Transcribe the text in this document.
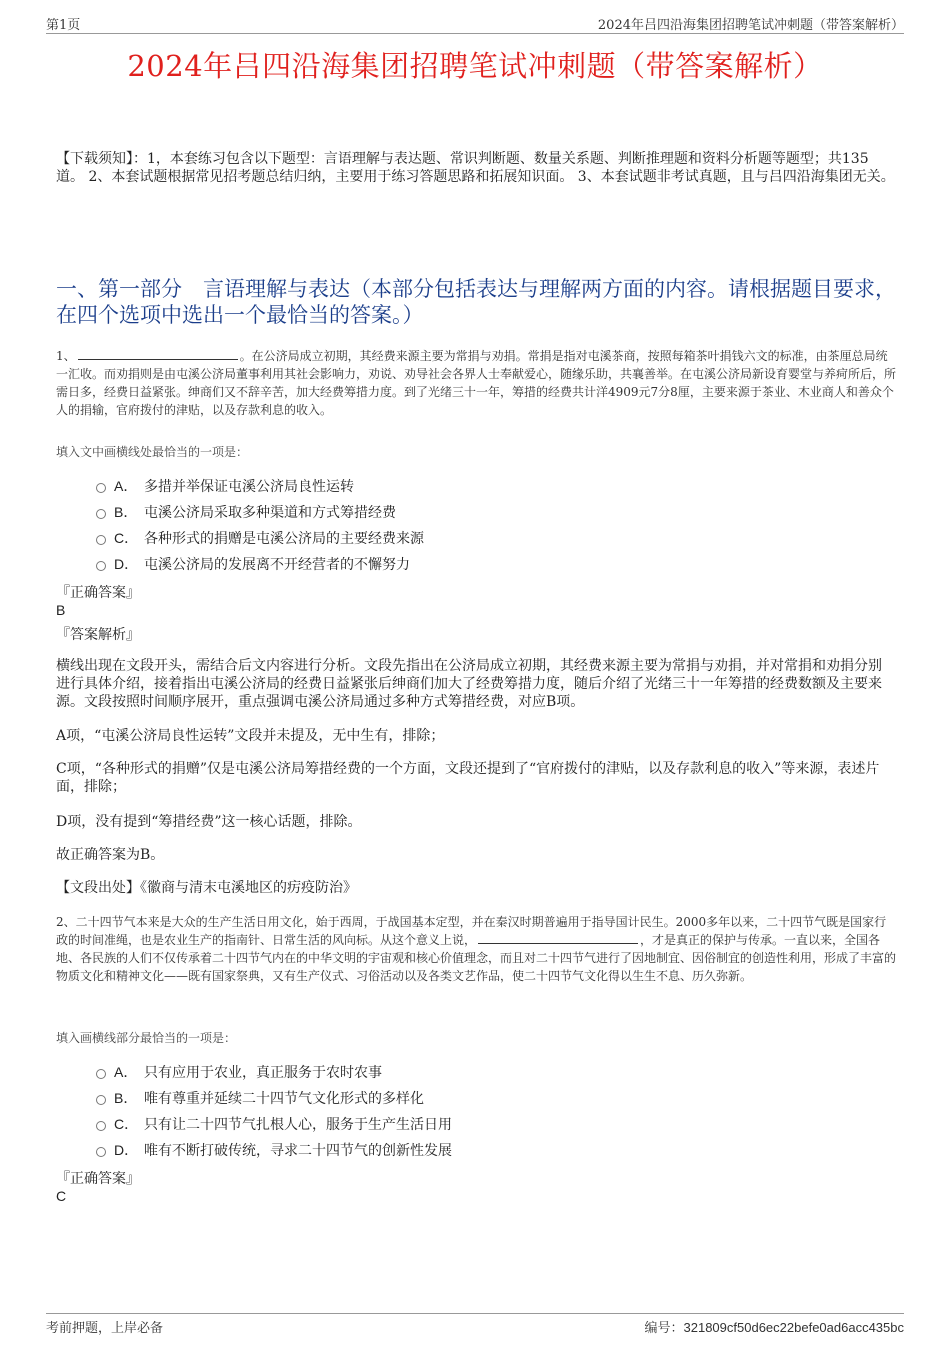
第1页	2024年吕四沿海集团招聘笔试冲刺题（带答案解析）
2024年吕四沿海集团招聘笔试冲刺题（带答案解析）
【下载须知】：1，本套练习包含以下题型：言语理解与表达题、常识判断题、数量关系题、判断推理题和资料分析题等题型；共135道。 2、本套试题根据常见招考题总结归纳，主要用于练习答题思路和拓展知识面。 3、本套试题非考试真题，且与吕四沿海集团无关。
一、第一部分　言语理解与表达（本部分包括表达与理解两方面的内容。请根据题目要求，在四个选项中选出一个最恰当的答案。）
1、	。在公济局成立初期，其经费来源主要为常捐与劝捐。常捐是指对屯溪茶商，按照每箱茶叶捐钱六文的标准，由茶厘总局统一汇收。而劝捐则是由屯溪公济局董事利用其社会影响力，劝说、劝导社会各界人士奉献爱心，随缘乐助，共襄善举。在屯溪公济局新设育婴堂与养疴所后，所需日多，经费日益紧张。绅商们又不辞辛苦，加大经费筹措力度。到了光绪三十一年，筹措的经费共计洋4909元7分8厘，主要来源于茶业、木业商人和善众个人的捐输，官府拨付的津贴，以及存款利息的收入。
填入文中画横线处最恰当的一项是：
A． 多措并举保证屯溪公济局良性运转
B． 屯溪公济局采取多种渠道和方式筹措经费
C． 各种形式的捐赠是屯溪公济局的主要经费来源
D． 屯溪公济局的发展离不开经营者的不懈努力
『正确答案』
B
『答案解析』
横线出现在文段开头，需结合后文内容进行分析。文段先指出在公济局成立初期，其经费来源主要为常捐与劝捐，并对常捐和劝捐分别进行具体介绍，接着指出屯溪公济局的经费日益紧张后绅商们加大了经费筹措力度，随后介绍了光绪三十一年筹措的经费数额及主要来源。文段按照时间顺序展开，重点强调屯溪公济局通过多种方式筹措经费，对应B项。
A项，“屯溪公济局良性运转”文段并未提及，无中生有，排除；
C项，“各种形式的捐赠”仅是屯溪公济局筹措经费的一个方面，文段还提到了“官府拨付的津贴，以及存款利息的收入”等来源，表述片面，排除；
D项，没有提到“筹措经费”这一核心话题，排除。
故正确答案为B。
【文段出处】《徽商与清末屯溪地区的疠疫防治》
2、二十四节气本来是大众的生产生活日用文化，始于西周，于战国基本定型，并在秦汉时期普遍用于指导国计民生。2000多年以来，二十四节气既是国家行政的时间准绳，也是农业生产的指南针、日常生活的风向标。从这个意义上说，	，才是真正的保护与传承。一直以来，全国各地、各民族的人们不仅传承着二十四节气内在的中华文明的宇宙观和核心价值理念，而且对二十四节气进行了因地制宜、因俗制宜的创造性利用，形成了丰富的物质文化和精神文化——既有国家祭典，又有生产仪式、习俗活动以及各类文艺作品，使二十四节气文化得以生生不息、历久弥新。
填入画横线部分最恰当的一项是：
A． 只有应用于农业，真正服务于农时农事
B． 唯有尊重并延续二十四节气文化形式的多样化
C． 只有让二十四节气扎根人心，服务于生产生活日用
D． 唯有不断打破传统，寻求二十四节气的创新性发展
『正确答案』
C
考前押题，上岸必备	编号：321809cf50d6ec22befe0ad6acc435bc
